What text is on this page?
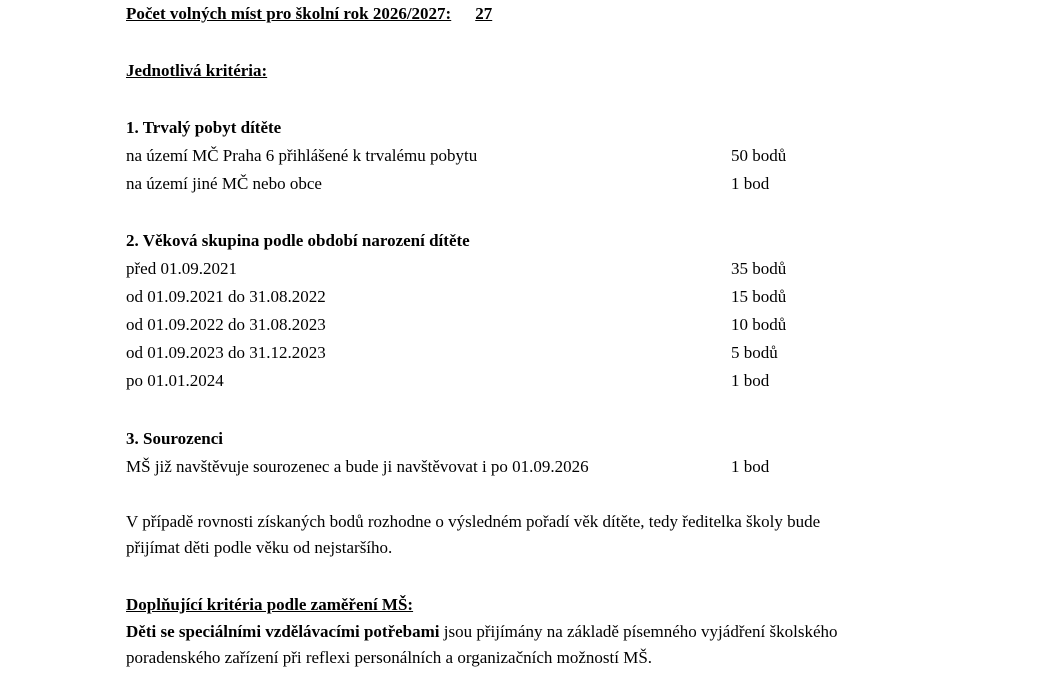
Počet volných míst pro školní rok 2026/2027: 27
Jednotlivá kritéria:
1. Trvalý pobyt dítěte
na území MČ Praha 6 přihlášené k trvalému pobytu	50 bodů
na území jiné MČ nebo obce	1 bod
2. Věková skupina podle období narození dítěte
před 01.09.2021	35 bodů
od 01.09.2021 do 31.08.2022	15 bodů
od 01.09.2022 do 31.08.2023	10 bodů
od 01.09.2023 do 31.12.2023	5 bodů
po 01.01.2024	1 bod
3. Sourozenci
MŠ již navštěvuje sourozenec a bude ji navštěvovat i po 01.09.2026	1 bod
V případě rovnosti získaných bodů rozhodne o výsledném pořadí věk dítěte, tedy ředitelka školy bude
přijímat děti podle věku od nejstaršího.
Doplňující kritéria podle zaměření MŠ:
Děti se speciálními vzdělávacími potřebami jsou přijímány na základě písemného vyjádření školského
poradenského zařízení při reflexi personálních a organizačních možností MŠ.
